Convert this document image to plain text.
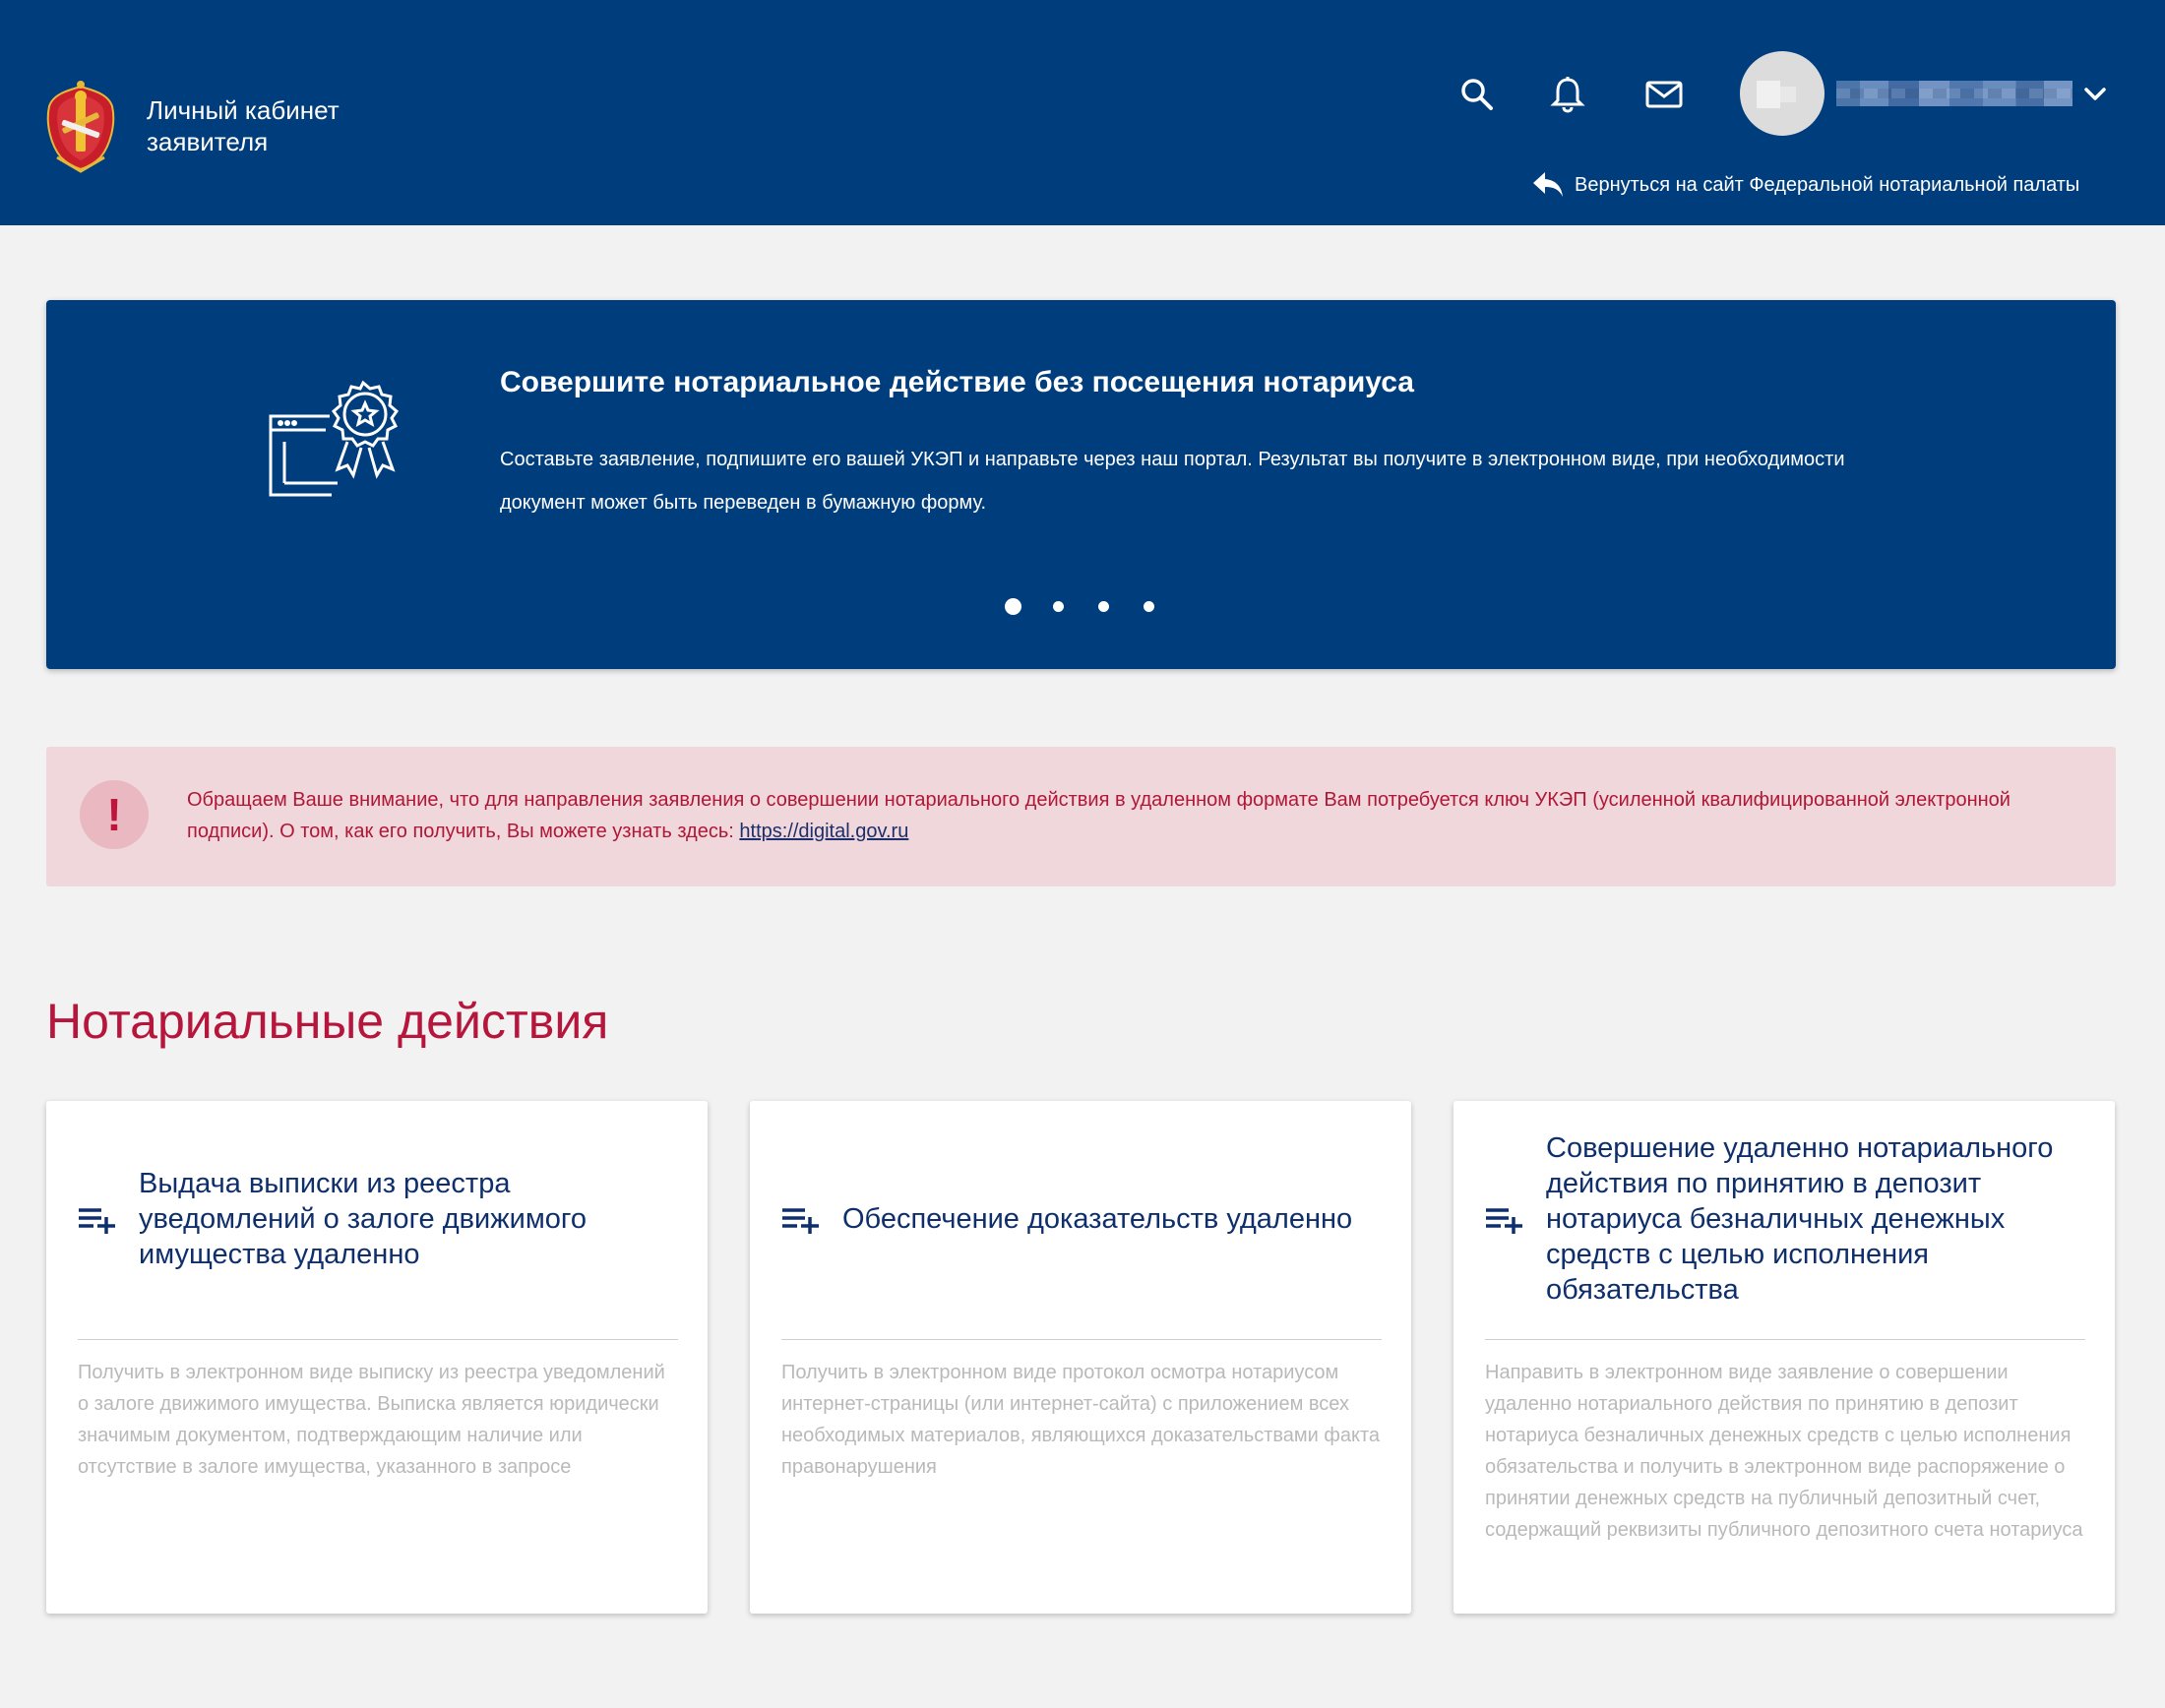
Личный кабинет заявителя
Вернуться на сайт Федеральной нотариальной палаты
Совершите нотариальное действие без посещения нотариуса
Составьте заявление, подпишите его вашей УКЭП и направьте через наш портал. Результат вы получите в электронном виде, при необходимости документ может быть переведен в бумажную форму.
!	Обращаем Ваше внимание, что для направления заявления о совершении нотариального действия в удаленном формате Вам потребуется ключ УКЭП (усиленной квалифицированной электронной подписи). О том, как его получить, Вы можете узнать здесь: https://digital.gov.ru
Нотариальные действия
Выдача выписки из реестра уведомлений о залоге движимого имущества удаленно
Получить в электронном виде выписку из реестра уведомлений о залоге движимого имущества. Выписка является юридически значимым документом, подтверждающим наличие или отсутствие в залоге имущества, указанного в запросе
Обеспечение доказательств удаленно
Получить в электронном виде протокол осмотра нотариусом интернет-страницы (или интернет-сайта) с приложением всех необходимых материалов, являющихся доказательствами факта правонарушения
Совершение удаленно нотариального действия по принятию в депозит нотариуса безналичных денежных средств с целью исполнения обязательства
Направить в электронном виде заявление о совершении удаленно нотариального действия по принятию в депозит нотариуса безналичных денежных средств с целью исполнения обязательства и получить в электронном виде распоряжение о принятии денежных средств на публичный депозитный счет, содержащий реквизиты публичного депозитного счета нотариуса
